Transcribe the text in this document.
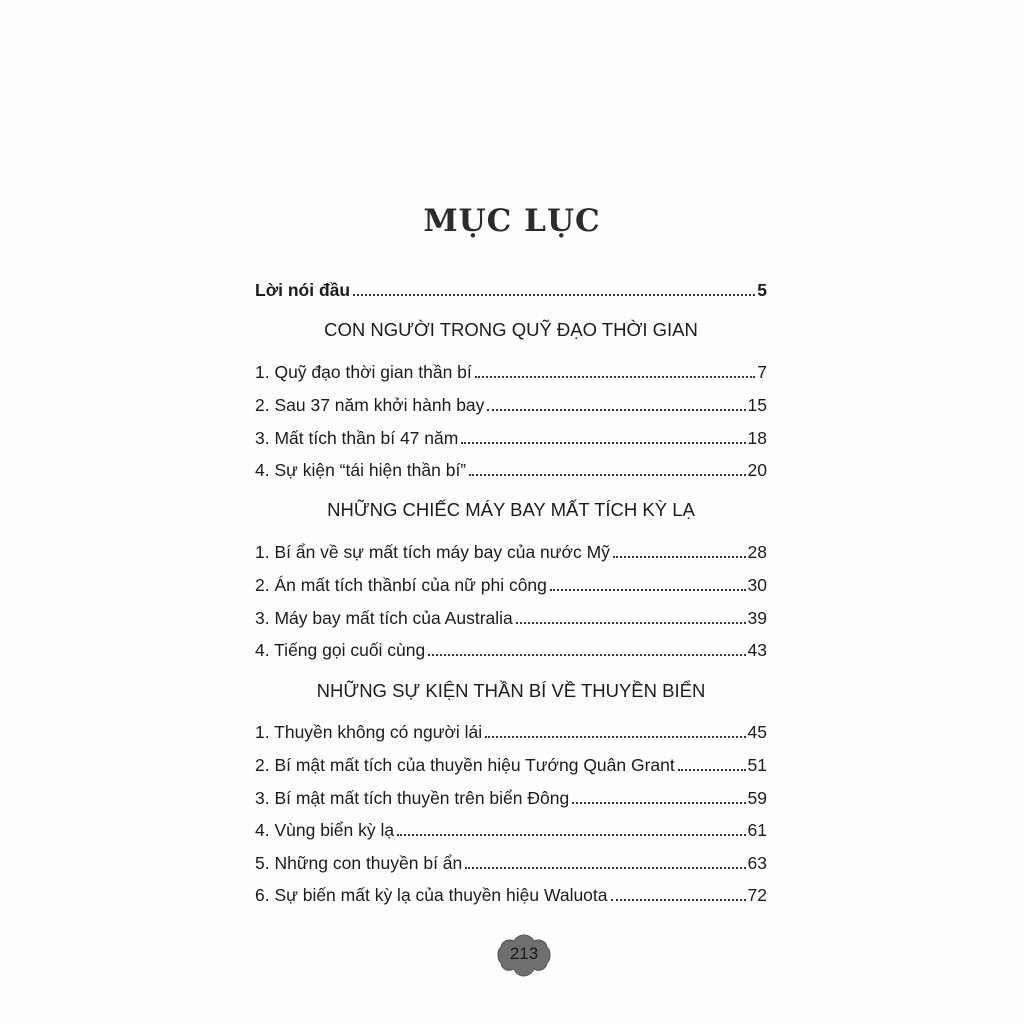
MỤC LỤC
Lời nói đầu	5
CON NGƯỜI TRONG QUỸ ĐẠO THỜI GIAN
1. Quỹ đạo thời gian thần bí	7
2. Sau 37 năm khởi hành bay	15
3. Mất tích thần bí 47 năm	18
4. Sự kiện “tái hiện thần bí”	20
NHỮNG CHIẾC MÁY BAY MẤT TÍCH KỲ LẠ
1. Bí ẩn về sự mất tích máy bay của nước Mỹ	28
2. Án mất tích thầnbí của nữ phi công	30
3. Máy bay mất tích của Australia	39
4. Tiếng gọi cuối cùng	43
NHỮNG SỰ KIỆN THẦN BÍ VỀ THUYỀN BIỂN
1. Thuyền không có người lái	45
2. Bí mật mất tích của thuyền hiệu Tướng Quân Grant	51
3. Bí mật mất tích thuyền trên biển Đông	59
4. Vùng biển kỳ lạ	61
5. Những con thuyền bí ẩn	63
6. Sự biến mất kỳ lạ của thuyền hiệu Waluota	72
213
